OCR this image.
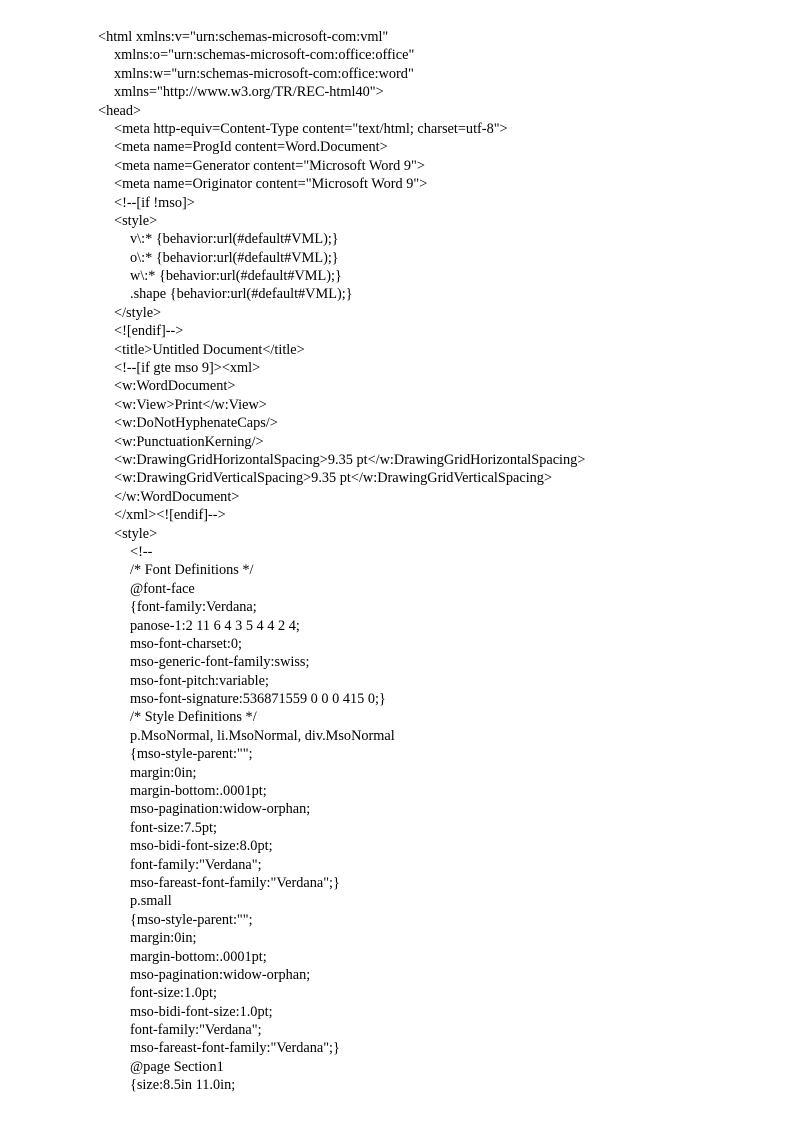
<html xmlns:v="urn:schemas-microsoft-com:vml"
xmlns:o="urn:schemas-microsoft-com:office:office"
xmlns:w="urn:schemas-microsoft-com:office:word"
xmlns="http://www.w3.org/TR/REC-html40">
<head>
<meta http-equiv=Content-Type content="text/html; charset=utf-8">
<meta name=ProgId content=Word.Document>
<meta name=Generator content="Microsoft Word 9">
<meta name=Originator content="Microsoft Word 9">
<!--[if !mso]>
<style>
v\:* {behavior:url(#default#VML);}
o\:* {behavior:url(#default#VML);}
w\:* {behavior:url(#default#VML);}
.shape {behavior:url(#default#VML);}
</style>
<![endif]-->
<title>Untitled Document</title>
<!--[if gte mso 9]><xml>
<w:WordDocument>
<w:View>Print</w:View>
<w:DoNotHyphenateCaps/>
<w:PunctuationKerning/>
<w:DrawingGridHorizontalSpacing>9.35 pt</w:DrawingGridHorizontalSpacing>
<w:DrawingGridVerticalSpacing>9.35 pt</w:DrawingGridVerticalSpacing>
</w:WordDocument>
</xml><![endif]-->
<style>
<!--
/* Font Definitions */
@font-face
{font-family:Verdana;
panose-1:2 11 6 4 3 5 4 4 2 4;
mso-font-charset:0;
mso-generic-font-family:swiss;
mso-font-pitch:variable;
mso-font-signature:536871559 0 0 0 415 0;}
/* Style Definitions */
p.MsoNormal, li.MsoNormal, div.MsoNormal
{mso-style-parent:"";
margin:0in;
margin-bottom:.0001pt;
mso-pagination:widow-orphan;
font-size:7.5pt;
mso-bidi-font-size:8.0pt;
font-family:"Verdana";
mso-fareast-font-family:"Verdana";}
p.small
{mso-style-parent:"";
margin:0in;
margin-bottom:.0001pt;
mso-pagination:widow-orphan;
font-size:1.0pt;
mso-bidi-font-size:1.0pt;
font-family:"Verdana";
mso-fareast-font-family:"Verdana";}
@page Section1
{size:8.5in 11.0in;
